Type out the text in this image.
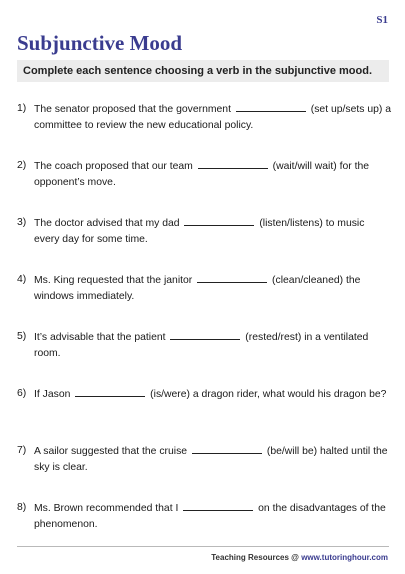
S1
Subjunctive Mood
Complete each sentence choosing a verb in the subjunctive mood.
1) The senator proposed that the government	(set up/sets up) a committee to review the new educational policy.
2) The coach proposed that our team	(wait/will wait) for the opponent’s move.
3) The doctor advised that my dad	(listen/listens) to music every day for some time.
4) Ms. King requested that the janitor	(clean/cleaned) the windows immediately.
5) It’s advisable that the patient	(rested/rest) in a ventilated room.
6) If Jason	(is/were) a dragon rider, what would his dragon be?
7) A sailor suggested that the cruise	(be/will be) halted until the sky is clear.
8) Ms. Brown recommended that I	on the disadvantages of the phenomenon.
Teaching Resources @ www.tutoringhour.com
